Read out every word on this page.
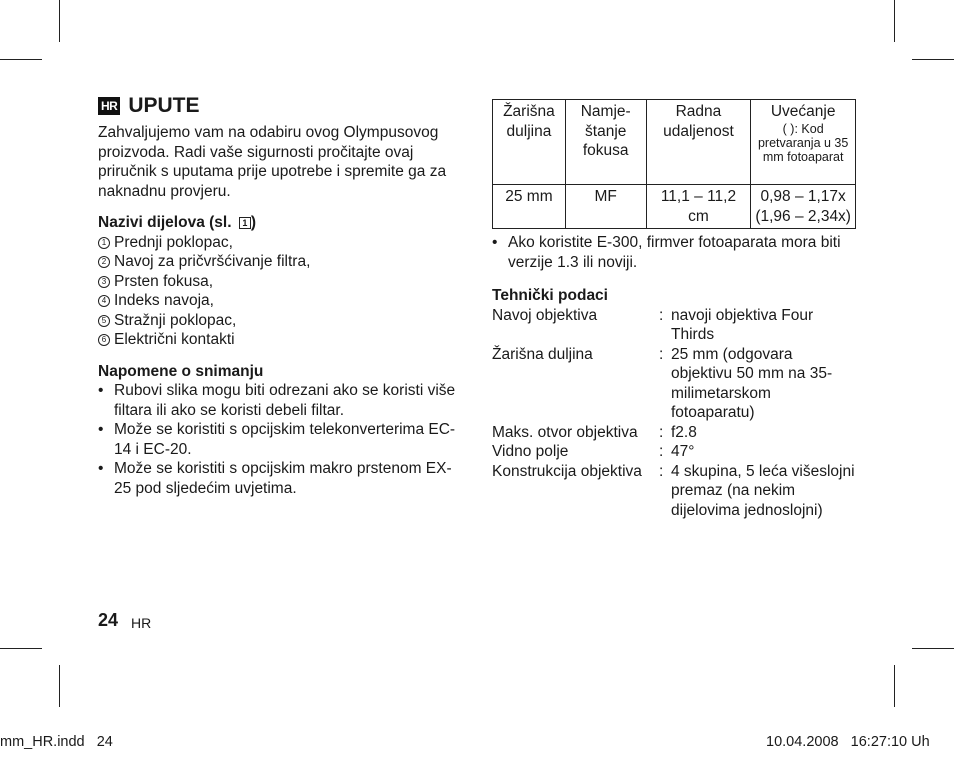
HR UPUTE

Zahvaljujemo vam na odabiru ovog Olympusovog proizvoda. Radi vaše sigurnosti pročitajte ovaj priručnik s uputama prije upotrebe i spremite ga za naknadnu provjeru.

Nazivi dijelova (sl. 1 )
1 Prednji poklopac,
2 Navoj za pričvršćivanje filtra,
3 Prsten fokusa,
4 Indeks navoja,
5 Stražnji poklopac,
6 Električni kontakti
Napomene o snimanju
• Rubovi slika mogu biti odrezani ako se koristi više filtara ili ako se koristi debeli filtar.
• Može se koristiti s opcijskim telekonverterima EC-14 i EC-20.
• Može se koristiti s opcijskim makro prstenom EX-25 pod sljedećim uvjetima.
Žarišna duljina	Namje-štanje fokusa	Radna udaljenost	Uvećanje
( ): Kod pretvaranja u 35 mm fotoaparat

25 mm	MF	11,1 – 11,2 cm	0,98 – 1,17x (1,96 – 2,34x)
• Ako koristite E-300, firmver fotoaparata mora biti verzije 1.3 ili noviji.
Tehnički podaci
Navoj objektiva	: navoji objektiva Four Thirds
Žarišna duljina	: 25 mm (odgovara objektivu 50 mm na 35-milimetarskom fotoaparatu)
Maks. otvor objektiva	: f2.8
Vidno polje	: 47°
Konstrukcija objektiva	: 4 skupina, 5 leća višeslojni premaz (na nekim dijelovima jednoslojni)
24 HR
mm_HR.indd   24	10.04.2008   16:27:10 Uh
